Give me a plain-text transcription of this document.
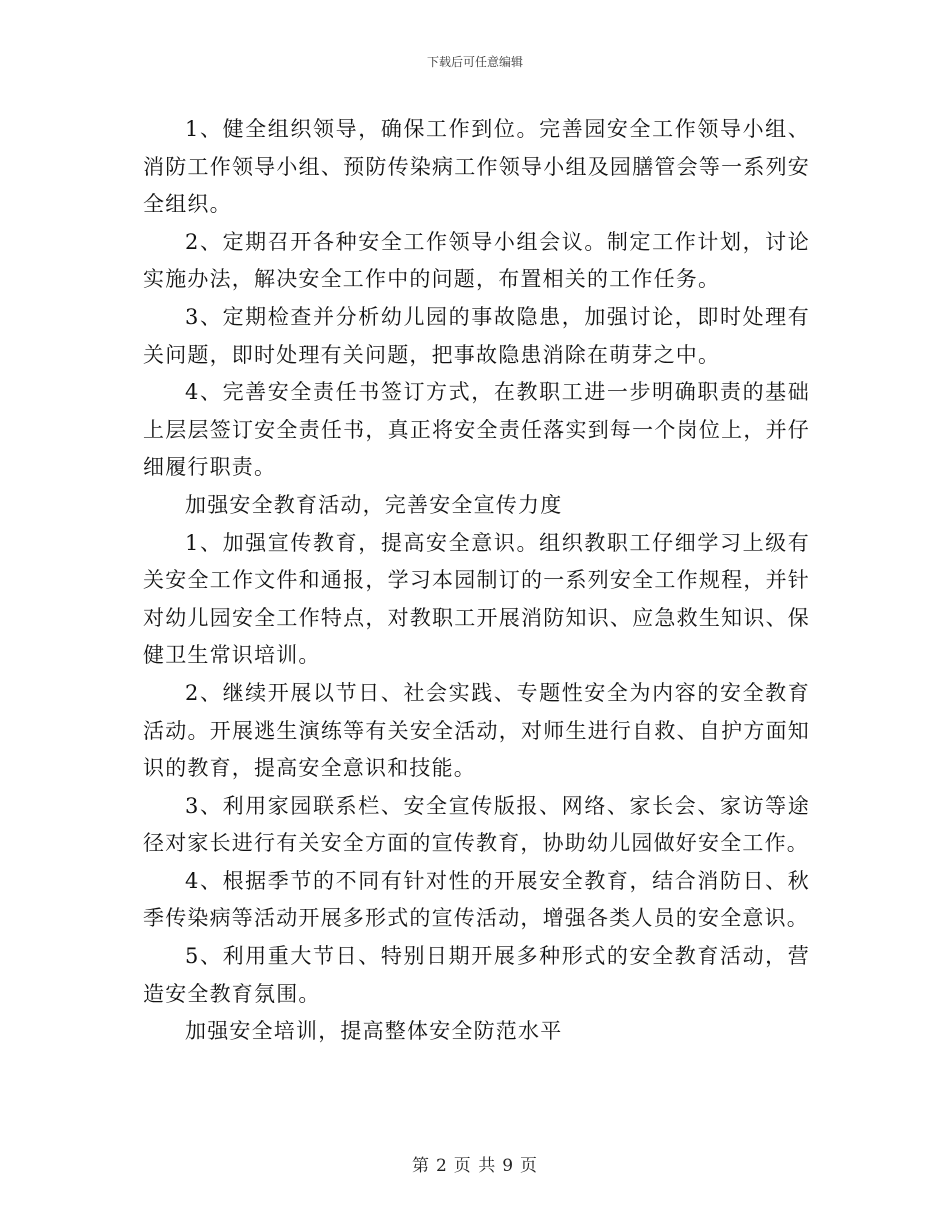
下载后可任意编辑

1、健全组织领导，确保工作到位。完善园安全工作领导小组、消防工作领导小组、预防传染病工作领导小组及园膳管会等一系列安全组织。

2、定期召开各种安全工作领导小组会议。制定工作计划，讨论实施办法，解决安全工作中的问题，布置相关的工作任务。

3、定期检查并分析幼儿园的事故隐患，加强讨论，即时处理有关问题，即时处理有关问题，把事故隐患消除在萌芽之中。

4、完善安全责任书签订方式，在教职工进一步明确职责的基础上层层签订安全责任书，真正将安全责任落实到每一个岗位上，并仔细履行职责。

加强安全教育活动，完善安全宣传力度

1、加强宣传教育，提高安全意识。组织教职工仔细学习上级有关安全工作文件和通报，学习本园制订的一系列安全工作规程，并针对幼儿园安全工作特点，对教职工开展消防知识、应急救生知识、保健卫生常识培训。

2、继续开展以节日、社会实践、专题性安全为内容的安全教育活动。开展逃生演练等有关安全活动，对师生进行自救、自护方面知识的教育，提高安全意识和技能。

3、利用家园联系栏、安全宣传版报、网络、家长会、家访等途径对家长进行有关安全方面的宣传教育，协助幼儿园做好安全工作。

4、根据季节的不同有针对性的开展安全教育，结合消防日、秋季传染病等活动开展多形式的宣传活动，增强各类人员的安全意识。

5、利用重大节日、特别日期开展多种形式的安全教育活动，营造安全教育氛围。

加强安全培训，提高整体安全防范水平

第 2 页 共 9 页
